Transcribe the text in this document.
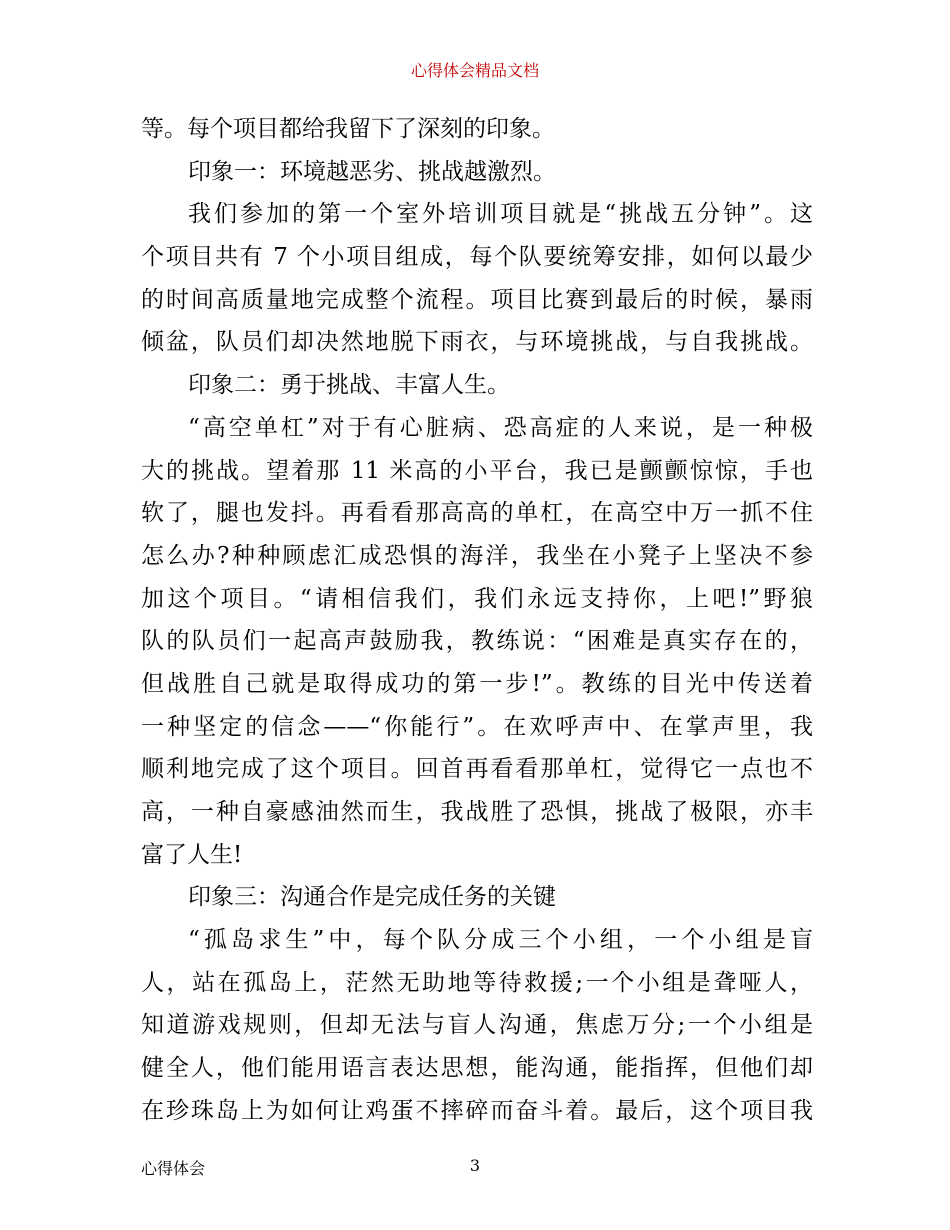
心得体会精品文档
等。每个项目都给我留下了深刻的印象。
印象一：环境越恶劣、挑战越激烈。
我们参加的第一个室外培训项目就是“挑战五分钟”。这
个项目共有 7 个小项目组成，每个队要统筹安排，如何以最少
的时间高质量地完成整个流程。项目比赛到最后的时候，暴雨
倾盆，队员们却决然地脱下雨衣，与环境挑战，与自我挑战。
印象二：勇于挑战、丰富人生。
“高空单杠”对于有心脏病、恐高症的人来说，是一种极
大的挑战。望着那 11 米高的小平台，我已是颤颤惊惊，手也
软了，腿也发抖。再看看那高高的单杠，在高空中万一抓不住
怎么办?种种顾虑汇成恐惧的海洋，我坐在小凳子上坚决不参
加这个项目。“请相信我们，我们永远支持你，上吧!”野狼
队的队员们一起高声鼓励我，教练说：“困难是真实存在的，
但战胜自己就是取得成功的第一步!”。教练的目光中传送着
一种坚定的信念——“你能行”。在欢呼声中、在掌声里，我
顺利地完成了这个项目。回首再看看那单杠，觉得它一点也不
高，一种自豪感油然而生，我战胜了恐惧，挑战了极限，亦丰
富了人生!
印象三：沟通合作是完成任务的关键
“孤岛求生”中，每个队分成三个小组，一个小组是盲
人，站在孤岛上，茫然无助地等待救援;一个小组是聋哑人，
知道游戏规则，但却无法与盲人沟通，焦虑万分;一个小组是
健全人，他们能用语言表达思想，能沟通，能指挥，但他们却
在珍珠岛上为如何让鸡蛋不摔碎而奋斗着。最后，这个项目我
心得体会	3
